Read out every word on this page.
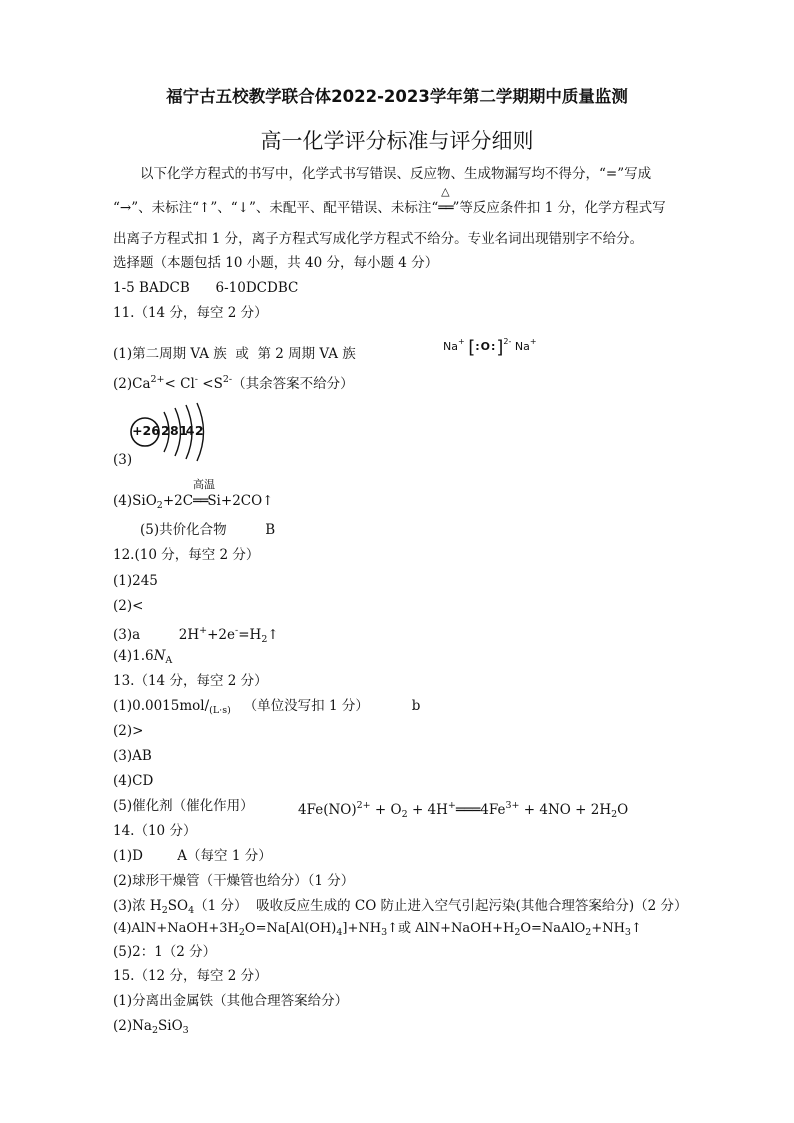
福宁古五校教学联合体2022-2023学年第二学期期中质量监测
高一化学评分标准与评分细则
以下化学方程式的书写中，化学式书写错误、反应物、生成物漏写均不得分，“=”写成
“→”、未标注“↑”、“↓”、未配平、配平错误、未标注“
△
══”等反应条件扣 1 分，化学方程式写
出离子方程式扣 1 分，离子方程式写成化学方程式不给分。专业名词出现错别字不给分。
选择题（本题包括 10 小题，共 40 分，每小题 4 分）
1-5 BADCB      6-10DCDBC
11.（14 分，每空 2 分）
Na+ [:O:]$^{2-}$ Na+
(1)第二周期 VA 族  或  第 2 周期 VA 族
$(2)Ca^{2+}< Cl^- <S^{2-}$（其余答案不给分）
+26 2 8 14 2
(3)
(4)SiO$_2$+2C
高温
══Si+2CO↑
(5)共价化合物         B
12.(10 分，每空 2 分）
(1)245
(2)<
(3)a         $2H^++2e^-=H_2↑$
$(4)1.6N_A$
13.（14 分，每空 2 分）
$(1)0.0015mol/_{(L\cdot s)}$   （单位没写扣 1 分）          b
(2)>
(3)AB
(4)CD
(5)催化剂（催化作用）	$4Fe(NO)^{2+} + O_2$ + $4H^+═══4Fe^{3+} + 4NO + 2H_2O$
14.（10 分）
(1)D        A（每空 1 分）
(2)球形干燥管（干燥管也给分）（1 分）
(3)浓 $H_2SO_4(1$ 分）  吸收反应生成的 CO 防止进入空气引起污染(其他合理答案给分)（2 分）
$(4)AlN+NaOH+3H_2O=Na[Al(OH)_4]+NH_3↑$或 $AlN+NaOH+H_2O=NaAlO_2+NH_3↑$
(5)2：1（2 分）
15.（12 分，每空 2 分）
(1)分离出金属铁（其他合理答案给分）
$(2)Na_2SiO_3$
